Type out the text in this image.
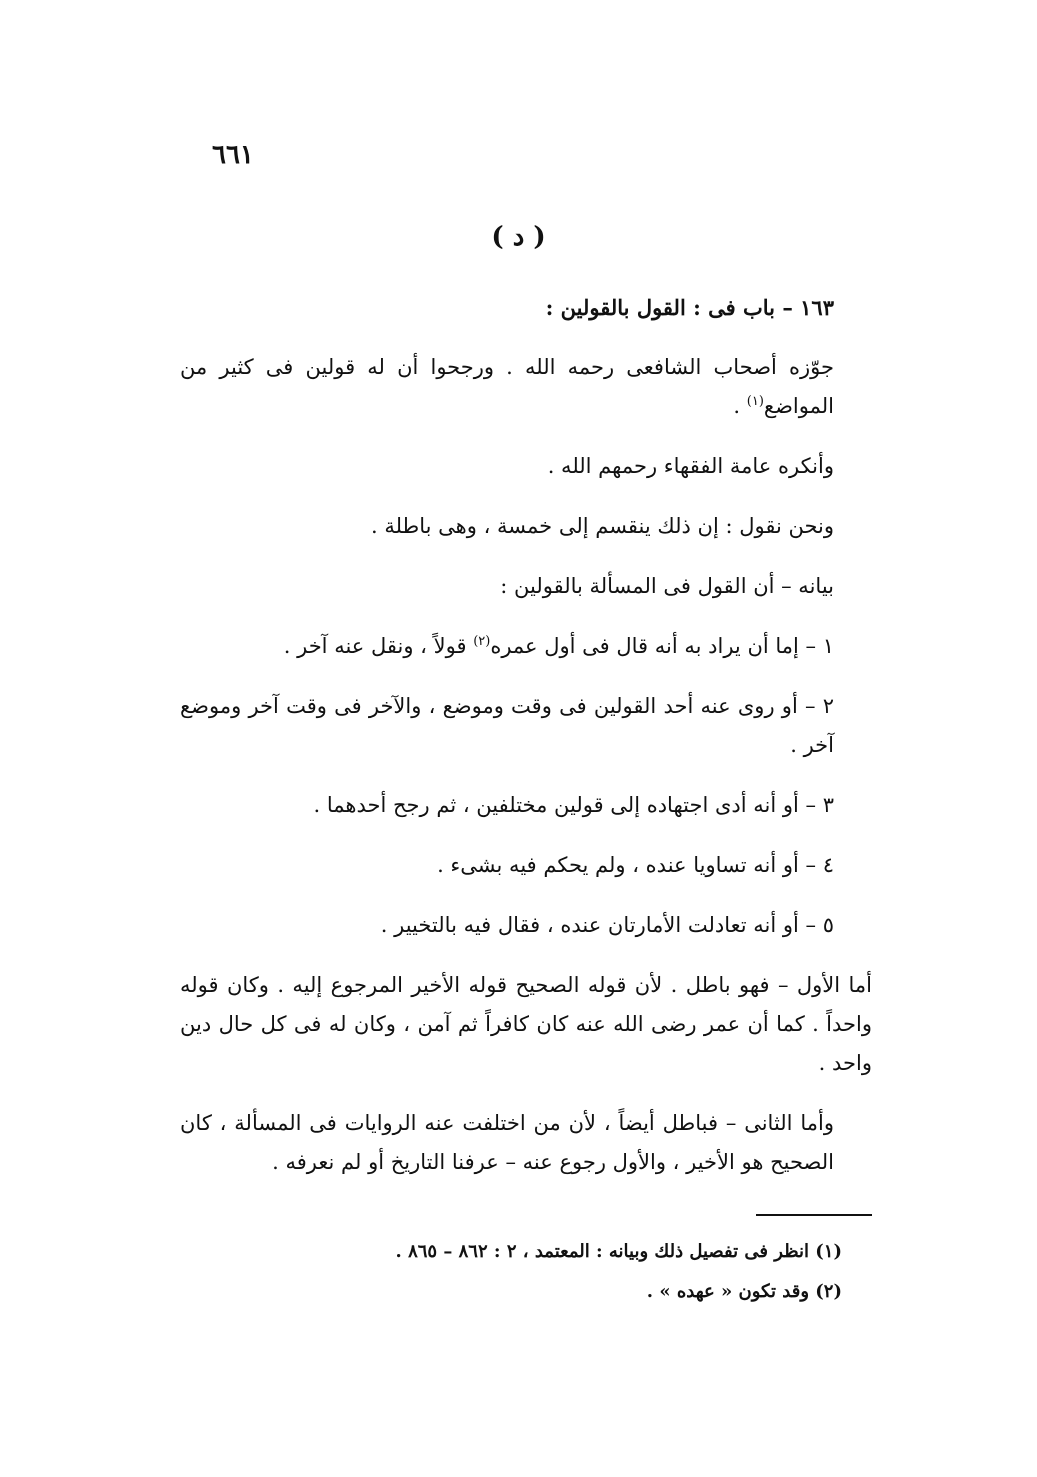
٦٦١
( د )

١٦٣ – باب فى : القول بالقولين :

جوّزه أصحاب الشافعى رحمه الله . ورجحوا أن له قولين فى كثير من المواضع$^{(١)}$ .

وأنكره عامة الفقهاء رحمهم الله .

ونحن نقول : إن ذلك ينقسم إلى خمسة ، وهى باطلة .

بيانه – أن القول فى المسألة بالقولين :

١ – إما أن يراد به أنه قال فى أول عمره$^{(٢)}$ قولاً ، ونقل عنه آخر .

٢ – أو روى عنه أحد القولين فى وقت وموضع ، والآخر فى وقت آخر وموضع آخر .

٣ – أو أنه أدى اجتهاده إلى قولين مختلفين ، ثم رجح أحدهما .

٤ – أو أنه تساويا عنده ، ولم يحكم فيه بشىء .

٥ – أو أنه تعادلت الأمارتان عنده ، فقال فيه بالتخيير .

أما الأول – فهو باطل . لأن قوله الصحيح قوله الأخير المرجوع إليه . وكان قوله واحداً . كما أن عمر رضى الله عنه كان كافراً ثم آمن ، وكان له فى كل حال دين واحد .

وأما الثانى – فباطل أيضاً ، لأن من اختلفت عنه الروايات فى المسألة ، كان الصحيح هو الأخير ، والأول رجوع عنه – عرفنا التاريخ أو لم نعرفه .

(١) انظر فى تفصيل ذلك وبيانه : المعتمد ، ٢ : ٨٦٢ – ٨٦٥ .
(٢) وقد تكون « عهده » .
